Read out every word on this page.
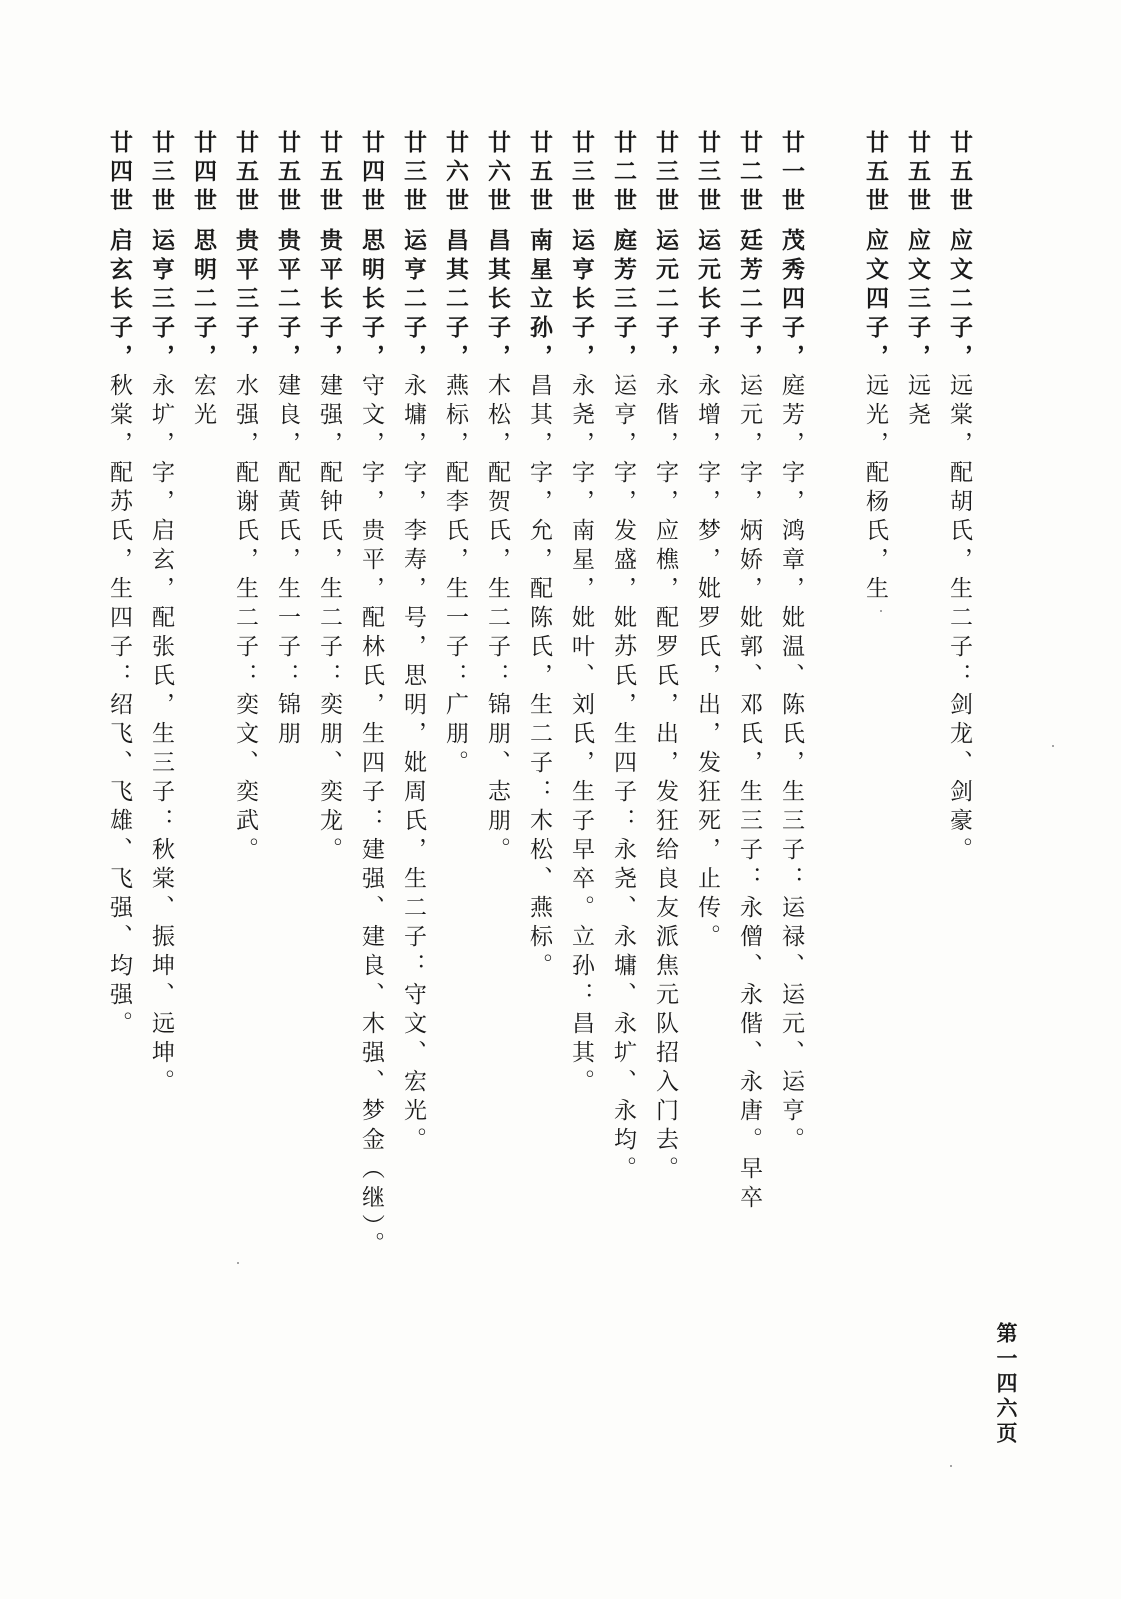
廿五世应文二子，远棠，配胡氏，生二子：剑龙、剑豪。
廿五世应文三子，远尧
廿五世应文四子，远光，配杨氏，生
廿一世茂秀四子，庭芳，字，鸿章，妣温、陈氏，生三子：运禄、运元、运亨。
廿二世廷芳二子，运元，字，炳娇，妣郭、邓氏，生三子：永僧、永偕、永唐。早卒
廿三世运元长子，永增，字，梦，妣罗氏，出，发狂死，止传。
廿三世运元二子，永偕，字，应樵，配罗氏，出，发狂给良友派焦元队招入门去。
廿二世庭芳三子，运亨，字，发盛，妣苏氏，生四子：永尧、永墉、永圹、永均。
廿三世运亨长子，永尧，字，南星，妣叶、刘氏，生子早卒。立孙：昌其。
廿五世南星立孙，昌其，字，允，配陈氏，生二子：木松、燕标。
廿六世昌其长子，木松，配贺氏，生二子：锦朋、志朋。
廿六世昌其二子，燕标，配李氏，生一子：广朋。
廿三世运亨二子，永墉，字，李寿，号，思明，妣周氏，生二子：守文、宏光。
廿四世思明长子，守文，字，贵平，配林氏，生四子：建强、建良、木强、梦金（继）。
廿五世贵平长子，建强，配钟氏，生二子：奕朋、奕龙。
廿五世贵平二子，建良，配黄氏，生一子：锦朋
廿五世贵平三子，水强，配谢氏，生二子：奕文、奕武。
廿四世思明二子，宏光
廿三世运亨三子，永圹，字，启玄，配张氏，生三子：秋棠、振坤、远坤。
廿四世启玄长子，秋棠，配苏氏，生四子：绍飞、飞雄、飞强、均强。
第一四六页
